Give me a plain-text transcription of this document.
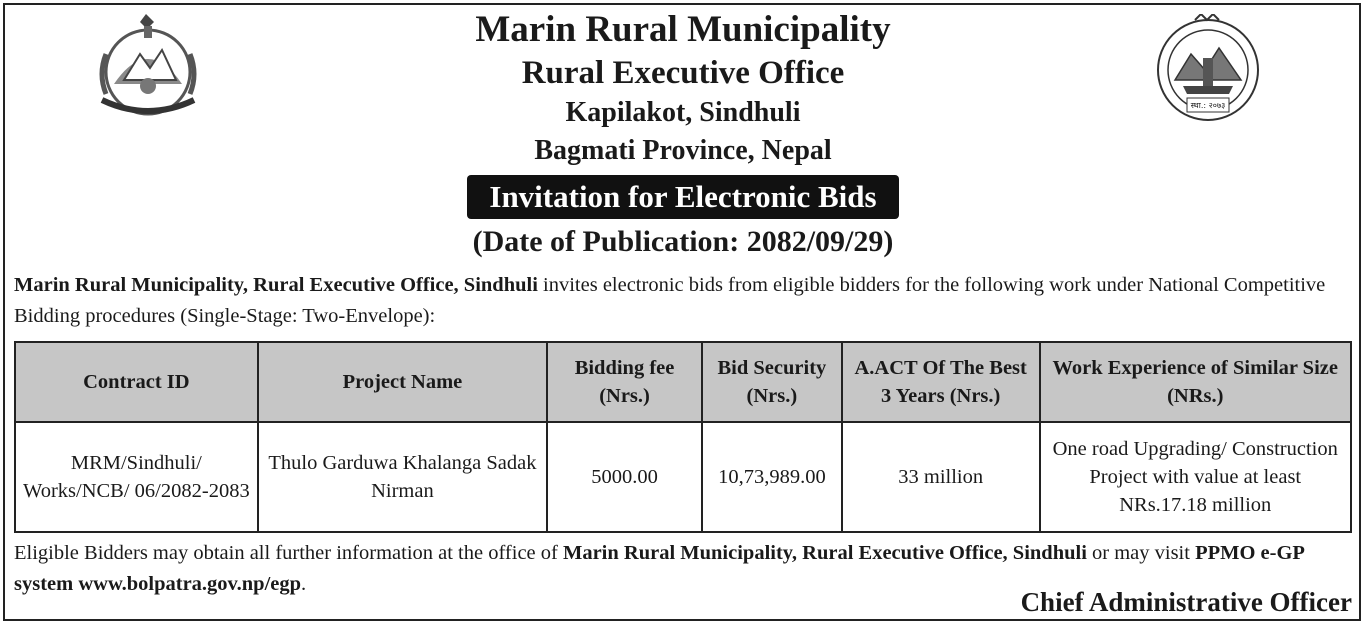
स्था.: २०७३
Marin Rural Municipality
Rural Executive Office
Kapilakot, Sindhuli
Bagmati Province, Nepal
Invitation for Electronic Bids
(Date of Publication: 2082/09/29)
Marin Rural Municipality, Rural Executive Office, Sindhuli invites electronic bids from eligible bidders for the following work under National Competitive Bidding procedures (Single-Stage: Two-Envelope):
Contract ID	Project Name	Bidding fee (Nrs.)	Bid Security (Nrs.)	A.ACT Of The Best 3 Years (Nrs.)	Work Experience of Similar Size (NRs.)
MRM/Sindhuli/ Works/NCB/ 06/2082-2083	Thulo Garduwa Khalanga Sadak Nirman	5000.00	10,73,989.00	33 million	One road Upgrading/ Construction Project with value at least NRs.17.18 million
Eligible Bidders may obtain all further information at the office of Marin Rural Municipality, Rural Executive Office, Sindhuli or may visit PPMO e-GP system www.bolpatra.gov.np/egp.
Chief Administrative Officer
